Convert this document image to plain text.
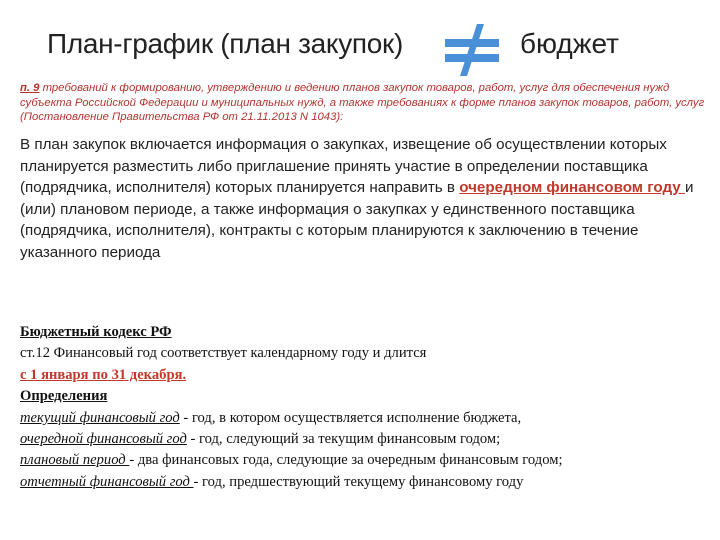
План-график (план закупок)	бюджет
п. 9 требований к формированию, утверждению и ведению планов закупок товаров, работ, услуг для обеспечения нужд субъекта Российской Федерации и муниципальных нужд, а также требованиях к форме планов закупок товаров, работ, услуг (Постановление Правительства РФ от 21.11.2013 N 1043):
В план закупок включается информация о закупках, извещение об осуществлении которых планируется разместить либо приглашение принять участие в определении поставщика (подрядчика, исполнителя) которых планируется направить в очередном финансовом году и (или) плановом периоде, а также информация о закупках у единственного поставщика (подрядчика, исполнителя), контракты с которым планируются к заключению в течение указанного периода
Бюджетный кодекс РФ
ст.12 Финансовый год соответствует календарному году и длится
с 1 января по 31 декабря.
Определения
текущий финансовый год - год, в котором осуществляется исполнение бюджета,
очередной финансовый год - год, следующий за текущим финансовым годом;
плановый период - два финансовых года, следующие за очередным финансовым годом;
отчетный финансовый год - год, предшествующий текущему финансовому году
